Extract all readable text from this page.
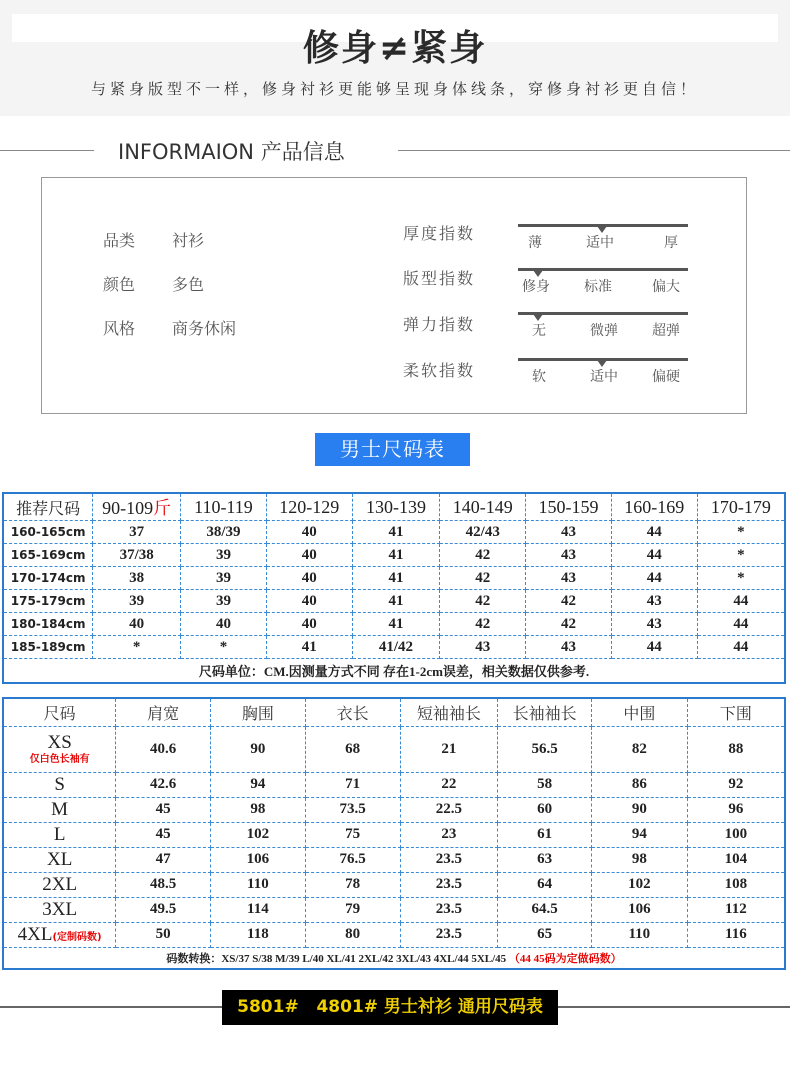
修身≠紧身
与紧身版型不一样，修身衬衫更能够呈现身体线条，穿修身衬衫更自信！
INFORMAION 产品信息
品类 衬衫
颜色 多色
风格 商务休闲
厚度指数	薄	适中	厚
版型指数	修身 标准	偏大
弹力指数	无	微弹 超弹
柔软指数	软	适中 偏硬
男士尺码表
推荐尺码	90-109斤	110-119	120-129	130-139	140-149	150-159	160-169	170-179
160-165cm	37	38/39	40	41	42/43	43	44	*
165-169cm	37/38	39	40	41	42	43	44	*
170-174cm	38	39	40	41	42	43	44	*
175-179cm	39	39	40	41	42	42	43	44
180-184cm	40	40	40	41	42	42	43	44
185-189cm	*	*	41	41/42	43	43	44	44
尺码单位：CM.因测量方式不同 存在1-2cm误差，相关数据仅供参考.								
尺码	肩宽	胸围	衣长	短袖袖长	长袖袖长	中围	下围
XS
仅白色长袖有	40.6	90	68	21	56.5	82	88
S	42.6	94	71	22	58	86	92
M	45	98	73.5	22.5	60	90	96
L	45	102	75	23	61	94	100
XL	47	106	76.5	23.5	63	98	104
2XL	48.5	110	78	23.5	64	102	108
3XL	49.5	114	79	23.5	64.5	106	112
4XL(定制码数)	50	118	80	23.5	65	110	116
码数转换：XS/37 S/38 M/39 L/40 XL/41 2XL/42 3XL/43 4XL/44 5XL/45 （44 45码为定做码数）							
5801#   4801# 男士衬衫 通用尺码表
